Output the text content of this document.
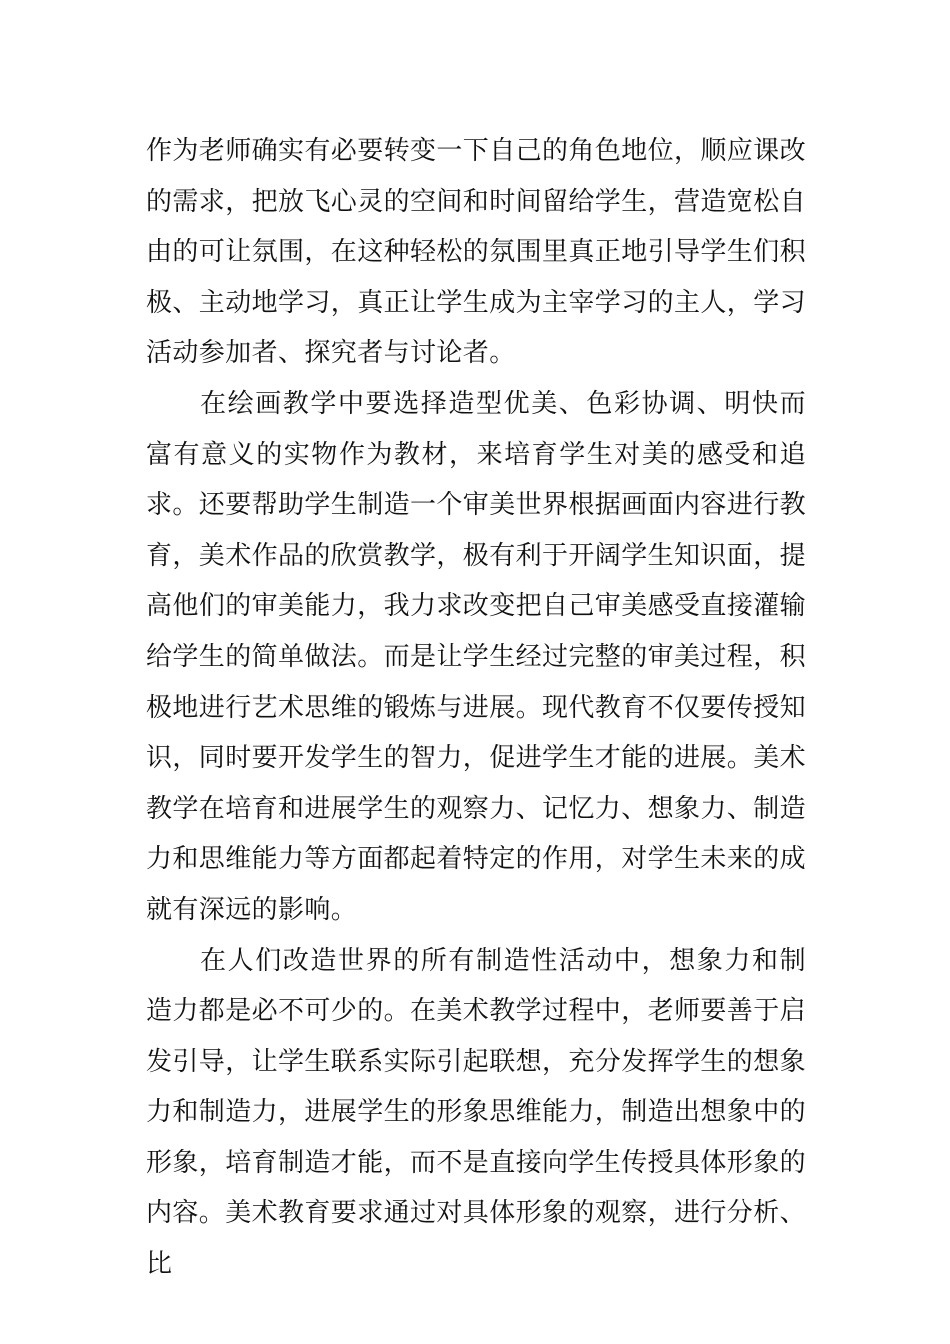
作为老师确实有必要转变一下自己的角色地位，顺应课改的需求，把放飞心灵的空间和时间留给学生，营造宽松自由的可让氛围，在这种轻松的氛围里真正地引导学生们积极、主动地学习，真正让学生成为主宰学习的主人，学习活动参加者、探究者与讨论者。

在绘画教学中要选择造型优美、色彩协调、明快而富有意义的实物作为教材，来培育学生对美的感受和追求。还要帮助学生制造一个审美世界根据画面内容进行教育，美术作品的欣赏教学，极有利于开阔学生知识面，提高他们的审美能力，我力求改变把自己审美感受直接灌输给学生的简单做法。而是让学生经过完整的审美过程，积极地进行艺术思维的锻炼与进展。现代教育不仅要传授知识，同时要开发学生的智力，促进学生才能的进展。美术教学在培育和进展学生的观察力、记忆力、想象力、制造力和思维能力等方面都起着特定的作用，对学生未来的成就有深远的影响。

在人们改造世界的所有制造性活动中，想象力和制造力都是必不可少的。在美术教学过程中，老师要善于启发引导，让学生联系实际引起联想，充分发挥学生的想象力和制造力，进展学生的形象思维能力，制造出想象中的形象，培育制造才能，而不是直接向学生传授具体形象的内容。美术教育要求通过对具体形象的观察，进行分析、比
